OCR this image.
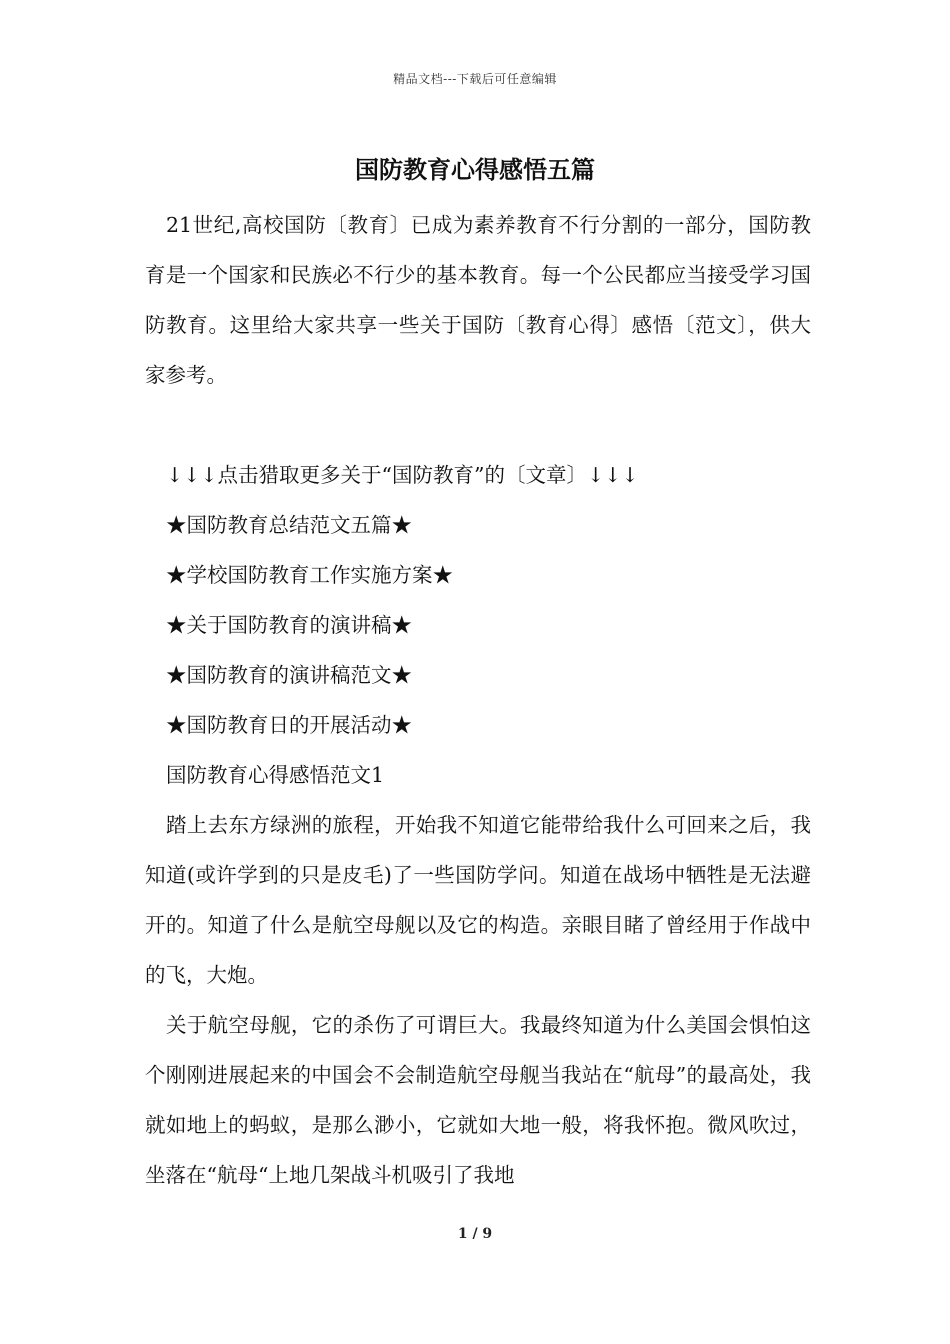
精品文档---下载后可任意编辑
国防教育心得感悟五篇

21世纪,高校国防〔教育〕已成为素养教育不行分割的一部分，国防教育是一个国家和民族必不行少的基本教育。每一个公民都应当接受学习国防教育。这里给大家共享一些关于国防〔教育心得〕感悟〔范文〕，供大家参考。

↓↓↓点击猎取更多关于“国防教育”的〔文章〕↓↓↓

★国防教育总结范文五篇★

★学校国防教育工作实施方案★

★关于国防教育的演讲稿★

★国防教育的演讲稿范文★

★国防教育日的开展活动★

国防教育心得感悟范文1

踏上去东方绿洲的旅程，开始我不知道它能带给我什么可回来之后，我知道(或许学到的只是皮毛)了一些国防学问。知道在战场中牺牲是无法避开的。知道了什么是航空母舰以及它的构造。亲眼目睹了曾经用于作战中的飞，大炮。

关于航空母舰，它的杀伤了可谓巨大。我最终知道为什么美国会惧怕这个刚刚进展起来的中国会不会制造航空母舰当我站在“航母”的最高处，我就如地上的蚂蚁，是那么渺小，它就如大地一般，将我怀抱。微风吹过，坐落在“航母“上地几架战斗机吸引了我地

1 / 9
